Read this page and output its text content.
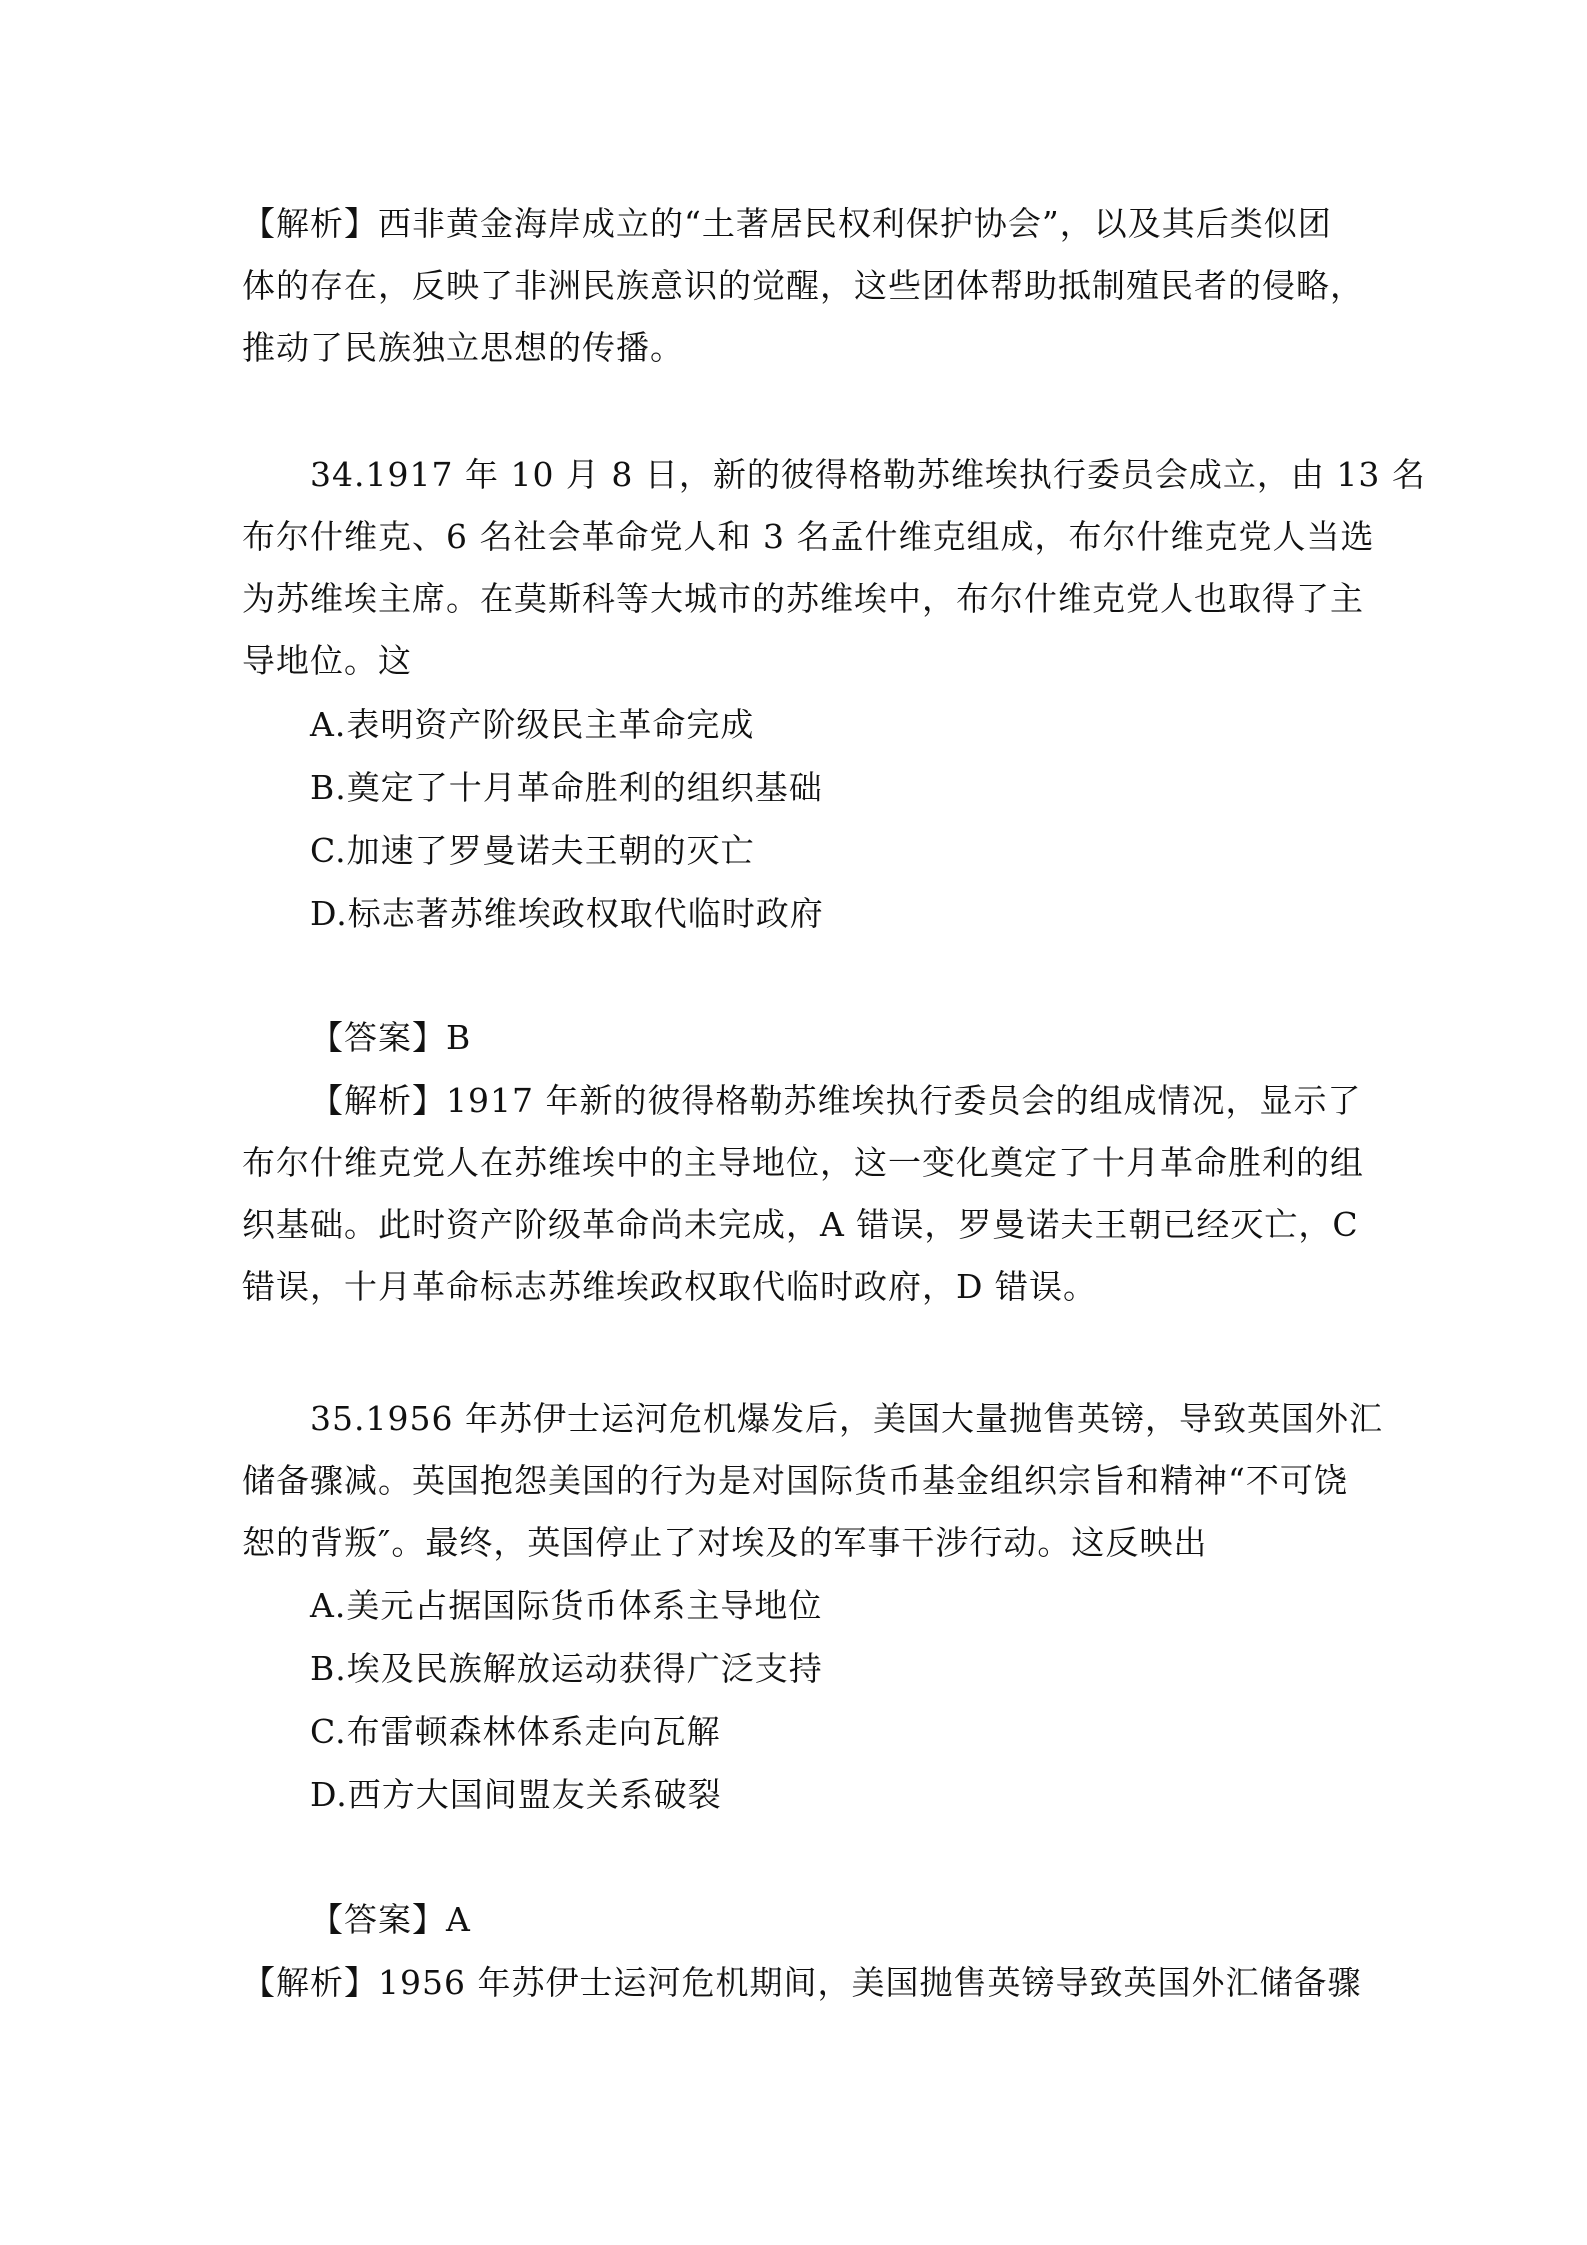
【解析】西非黄金海岸成立的“土著居民权利保护协会”，以及其后类似团
体的存在，反映了非洲民族意识的觉醒，这些团体帮助抵制殖民者的侵略，
推动了民族独立思想的传播。
34.1917 年 10 月 8 日，新的彼得格勒苏维埃执行委员会成立，由 13 名
布尔什维克、6 名社会革命党人和 3 名孟什维克组成，布尔什维克党人当选
为苏维埃主席。在莫斯科等大城市的苏维埃中，布尔什维克党人也取得了主
导地位。这

A.表明资产阶级民主革命完成

B.奠定了十月革命胜利的组织基础

C.加速了罗曼诺夫王朝的灭亡

D.标志著苏维埃政权取代临时政府

【答案】B

【解析】1917 年新的彼得格勒苏维埃执行委员会的组成情况，显示了
布尔什维克党人在苏维埃中的主导地位，这一变化奠定了十月革命胜利的组
织基础。此时资产阶级革命尚未完成，A 错误，罗曼诺夫王朝已经灭亡，C
错误，十月革命标志苏维埃政权取代临时政府，D 错误。
35.1956 年苏伊士运河危机爆发后，美国大量抛售英镑，导致英国外汇
储备骤减。英国抱怨美国的行为是对国际货币基金组织宗旨和精神“不可饶
恕的背叛″。最终，英国停止了对埃及的军事干涉行动。这反映出

A.美元占据国际货币体系主导地位

B.埃及民族解放运动获得广泛支持

C.布雷顿森林体系走向瓦解

D.西方大国间盟友关系破裂

【答案】A

【解析】1956 年苏伊士运河危机期间，美国抛售英镑导致英国外汇储备骤
